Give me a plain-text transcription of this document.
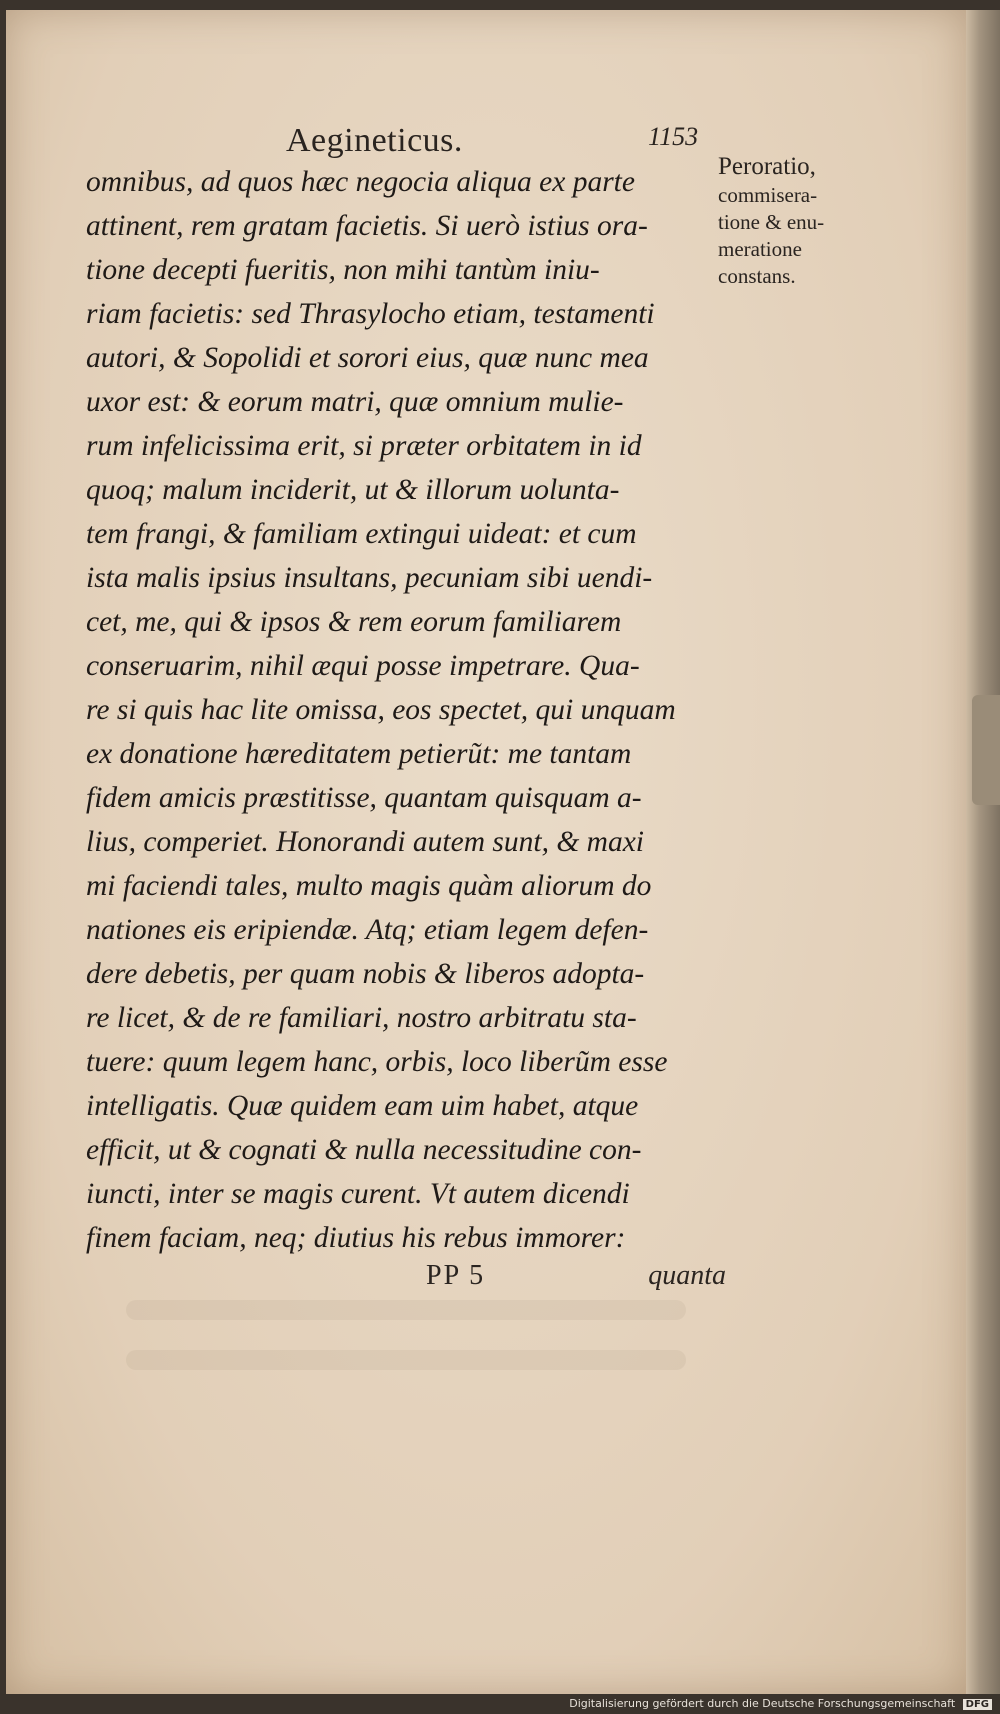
Aegineticus.	1153
Peroratio,
commisera-
tione & enu-
meratione
constans.
omnibus, ad quos hæc negocia aliqua ex parte
attinent, rem gratam facietis. Si uerò istius ora-
tione decepti fueritis, non mihi tantùm iniu-
riam facietis: sed Thrasylocho etiam, testamenti
autori, & Sopolidi et sorori eius, quæ nunc mea
uxor est: & eorum matri, quæ omnium mulie-
rum infelicissima erit, si præter orbitatem in id
quoq; malum inciderit, ut & illorum uolunta-
tem frangi, & familiam extingui uideat: et cum
ista malis ipsius insultans, pecuniam sibi uendi-
cet, me, qui & ipsos & rem eorum familiarem
conseruarim, nihil æqui posse impetrare. Qua-
re si quis hac lite omissa, eos spectet, qui unquam
ex donatione hæreditatem petierũt: me tantam
fidem amicis præstitisse, quantam quisquam a-
lius, comperiet. Honorandi autem sunt, & maxi
mi faciendi tales, multo magis quàm aliorum do
nationes eis eripiendæ. Atq; etiam legem defen-
dere debetis, per quam nobis & liberos adopta-
re licet, & de re familiari, nostro arbitratu sta-
tuere: quum legem hanc, orbis, loco liberũm esse
intelligatis. Quæ quidem eam uim habet, atque
efficit, ut & cognati & nulla necessitudine con-
iuncti, inter se magis curent. Vt autem dicendi
finem faciam, neq; diutius his rebus immorer:
PP 5	quanta
Digitalisierung gefördert durch die Deutsche Forschungsgemeinschaft DFG
